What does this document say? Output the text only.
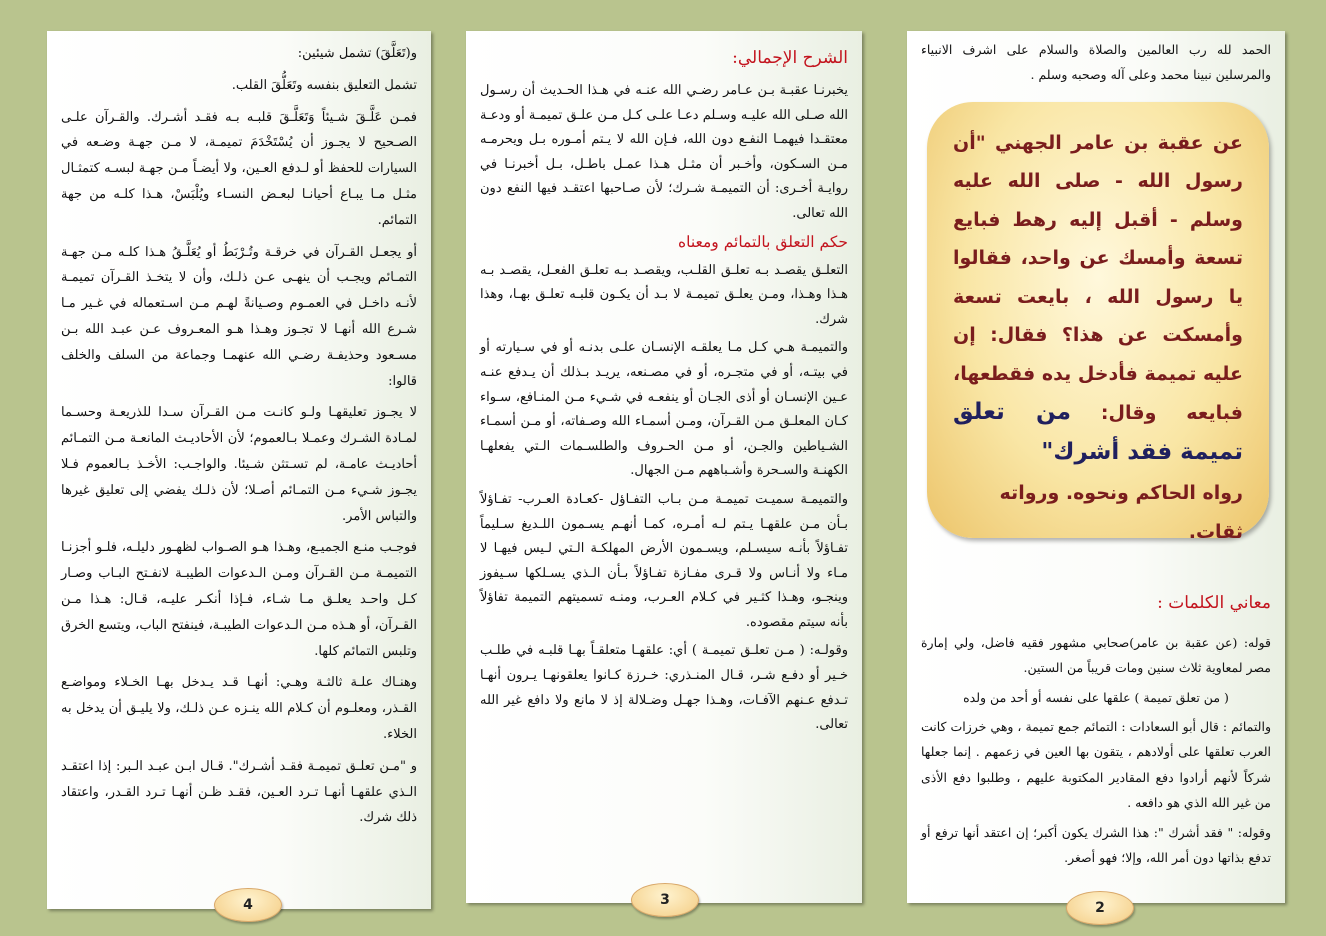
و(تَعَلَّقَ) تشمل شيئين:

تشمل التعليق بنفسه وتَعَلُّقَ القلب.

فمـن عَلَّـقَ شـيئاً وَتَعَلَّـقَ قلبـه بـه فقـد أشـرك. والقـرآن علـى الصـحيح لا يجـوز أن يُسْتَخْدَمَ تميمـة، لا مـن جهـة وضـعه في السيارات للحفظ أو لـدفع العـين، ولا أيضـاً مـن جهـة لبسـه كتمثـال مثـل مـا يبـاع أحيانـا لبعـض النسـاء ويُلْبَسْ، هـذا كلـه من جهة التمائم.

أو يجعـل القـرآن في خرقـة وتُـرْبَطُ أو يُعَلَّـقُ هـذا كلـه مـن جهـة التمـائم ويجـب أن ينهـى عـن ذلـك، وأن لا يتخـذ القـرآن تميمـة لأنـه داخـل في العمـوم وصـيانةً لهـم مـن اسـتعماله في غـير مـا شـرع الله أنهـا لا تجـوز وهـذا هـو المعـروف عـن عبـد الله بـن مسـعود وحذيفـة رضـي الله عنهمـا وجماعة من السلف والخلف قالوا:

لا يجـوز تعليقهـا ولـو كانـت مـن القـرآن سـدا للذريعـة وحسـما لمـادة الشـرك وعمـلا بـالعموم؛ لأن الأحاديـث المانعـة مـن التمـائم أحاديـث عامـة، لم تسـتثن شـيئا. والواجـب: الأخـذ بـالعموم فـلا يجـوز شـيء مـن التمـائم أصـلا؛ لأن ذلـك يفضي إلى تعليق غيرها والتباس الأمر.

فوجـب منـع الجميـع، وهـذا هـو الصـواب لظهـور دليلـه، فلـو أجزنـا التميمـة مـن القـرآن ومـن الـدعوات الطيبـة لانفـتح البـاب وصـار كـل واحـد يعلـق مـا شـاء، فـإذا أنكـر عليـه، قـال: هـذا مـن القـرآن، أو هـذه مـن الـدعوات الطيبـة، فينفتح الباب، ويتسع الخرق وتلبس التمائم كلها.

وهنـاك علـة ثالثـة وهـي: أنهـا قـد يـدخل بهـا الخـلاء ومواضـع القـذر، ومعلـوم أن كـلام الله ينـزه عـن ذلـك، ولا يليـق أن يدخل به الخلاء.

و "مـن تعلـق تميمـة فقـد أشـرك". قـال ابـن عبـد الـبر: إذا اعتقـد الـذي علقهـا أنهـا تـرد العـين، فقـد ظـن أنهـا تـرد القـدر، واعتقاد ذلك شرك.

4
الشرح الإجمالي:

يخبرنـا عقبـة بـن عـامر رضـي الله عنـه في هـذا الحـديث أن رسـول الله صـلى الله عليـه وسـلم دعـا علـى كـل مـن علـق تميمـة أو ودعـة معتقـدا فيهمـا النفـع دون الله، فـإن الله لا يـتم أمـوره بـل ويحرمـه مـن السـكون، وأخـبر أن مثـل هـذا عمـل باطـل، بـل أخبرنـا في روايـة أخـرى: أن التميمـة شـرك؛ لأن صـاحبها اعتقـد فيها النفع دون الله تعالى.

حكم التعلق بالتمائم ومعناه

التعلـق يقصـد بـه تعلـق القلـب، ويقصـد بـه تعلـق الفعـل، يقصـد بـه هـذا وهـذا، ومـن يعلـق تميمـة لا بـد أن يكـون قلبـه تعلـق بهـا، وهذا شرك.

والتميمـة هـي كـل مـا يعلقـه الإنسـان علـى بدنـه أو في سـيارته أو في بيتـه، أو في متجـره، أو في مصـنعه، يريـد بـذلك أن يـدفع عنـه عـين الإنسـان أو أذى الجـان أو ينفعـه في شـيء مـن المنـافع، سـواء كـان المعلـق مـن القـرآن، ومـن أسمـاء الله وصـفاته، أو مـن أسمـاء الشـياطين والجـن، أو مـن الحـروف والطلسـمات الـتي يفعلهـا الكهنـة والسـحرة وأشـباههم مـن الجهال.

والتميمـة سميـت تميمـة مـن بـاب التفـاؤل -كعـادة العـرب- تفـاؤلاً بـأن مـن علقهـا يـتم لـه أمـره، كمـا أنهـم يسـمون اللـديغ سـليماً تفـاؤلاً بأنـه سيسـلم، ويسـمون الأرض المهلكـة الـتي لـيس فيهـا لا مـاء ولا أنـاس ولا قـرى مفـازة تفـاؤلاً بـأن الـذي يسـلكها سـيفوز وينجـو، وهـذا كثـير في كـلام العـرب، ومنـه تسميتهم التميمة تفاؤلاً بأنه سيتم مقصوده.

وقولـه: ( مـن تعلـق تميمـة ) أي: علقهـا متعلقـاً بهـا قلبـه في طلـب خـير أو دفـع شـر، قـال المنـذري: خـرزة كـانوا يعلقونهـا يـرون أنهـا تـدفع عـنهم الآفـات، وهـذا جهـل وضـلالة إذ لا مانع ولا دافع غير الله تعالى.

3

الحمد لله رب العالمين والصلاة والسلام على اشرف الانبياء والمرسلين نبينا محمد وعلى آله وصحبه وسلم .

عن عقبة بن عامر الجهني "أن رسول الله - صلى الله عليه وسلم - أقبل إليه رهط فبايع تسعة وأمسك عن واحد، فقالوا يا رسول الله ، بايعت تسعة وأمسكت عن هذا؟ فقال: إن عليه تميمة فأدخل يده فقطعها، فبايعه وقال: من تعلق تميمة فقد أشرك"
رواه الحاكم ونحوه. ورواته ثقات.
معاني الكلمات :

قوله: (عن عقبة بن عامر)صحابي مشهور فقيه فاضل، ولي إمارة مصر لمعاوية ثلاث سنين ومات قريباً من الستين.

( من تعلق تميمة ) علقها على نفسه أو أحد من ولده

والتمائم : قال أبو السعادات : التمائم جمع تميمة ، وهي خرزات كانت العرب تعلقها على أولادهم ، يتقون بها العين في زعمهم . إنما جعلها شركاً لأنهم أرادوا دفع المقادير المكتوبة عليهم ، وطلبوا دفع الأذى من غير الله الذي هو دافعه .

وقوله: " فقد أشرك ": هذا الشرك يكون أكبر؛ إن اعتقد أنها ترفع أو تدفع بذاتها دون أمر الله، وإلا؛ فهو أصغر.

2
